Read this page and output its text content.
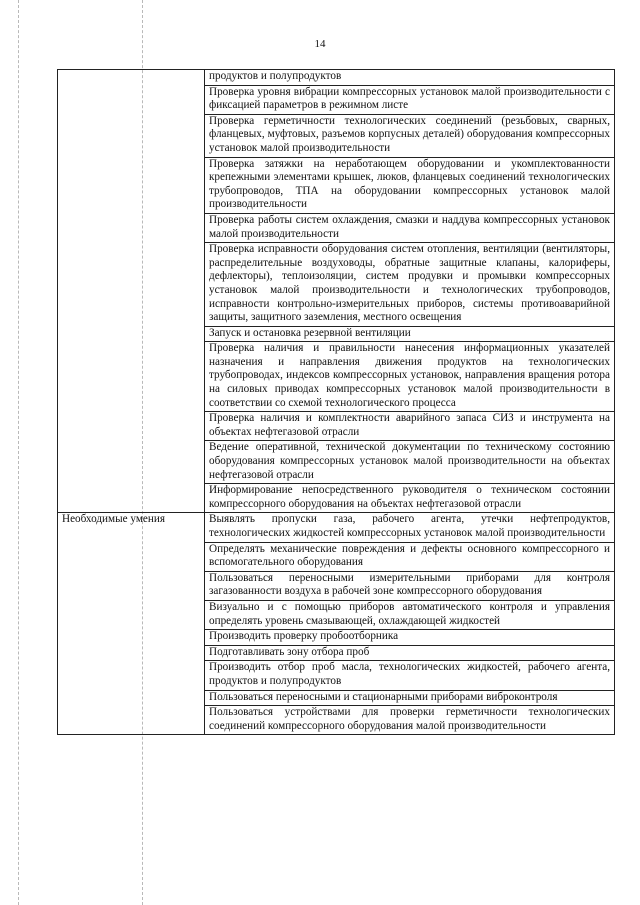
14
	продуктов и полупродуктов
	Проверка уровня вибрации компрессорных установок малой производительности с фиксацией параметров в режимном листе
	Проверка герметичности технологических соединений (резьбовых, сварных, фланцевых, муфтовых, разъемов корпусных деталей) оборудования компрессорных установок малой производительности
	Проверка затяжки на неработающем оборудовании и укомплектованности крепежными элементами крышек, люков, фланцевых соединений технологических трубопроводов, ТПА на оборудовании компрессорных установок малой производительности
	Проверка работы систем охлаждения, смазки и наддува компрессорных установок малой производительности
	Проверка исправности оборудования систем отопления, вентиляции (вентиляторы, распределительные воздуховоды, обратные защитные клапаны, калориферы, дефлекторы), теплоизоляции, систем продувки и промывки компрессорных установок малой производительности и технологических трубопроводов, исправности контрольно-измерительных приборов, системы противоаварийной защиты, защитного заземления, местного освещения
	Запуск и остановка резервной вентиляции
	Проверка наличия и правильности нанесения информационных указателей назначения и направления движения продуктов на технологических трубопроводах, индексов компрессорных установок, направления вращения ротора на силовых приводах компрессорных установок малой производительности в соответствии со схемой технологического процесса
	Проверка наличия и комплектности аварийного запаса СИЗ и инструмента на объектах нефтегазовой отрасли
	Ведение оперативной, технической документации по техническому состоянию оборудования компрессорных установок малой производительности на объектах нефтегазовой отрасли
	Информирование непосредственного руководителя о техническом состоянии компрессорного оборудования на объектах нефтегазовой отрасли
Необходимые умения	Выявлять пропуски газа, рабочего агента, утечки нефтепродуктов, технологических жидкостей компрессорных установок малой производительности
	Определять механические повреждения и дефекты основного компрессорного и вспомогательного оборудования
	Пользоваться переносными измерительными приборами для контроля загазованности воздуха в рабочей зоне компрессорного оборудования
	Визуально и с помощью приборов автоматического контроля и управления определять уровень смазывающей, охлаждающей жидкостей
	Производить проверку пробоотборника
	Подготавливать зону отбора проб
	Производить отбор проб масла, технологических жидкостей, рабочего агента, продуктов и полупродуктов
	Пользоваться переносными и стационарными приборами виброконтроля
	Пользоваться устройствами для проверки герметичности технологических соединений компрессорного оборудования малой производительности
